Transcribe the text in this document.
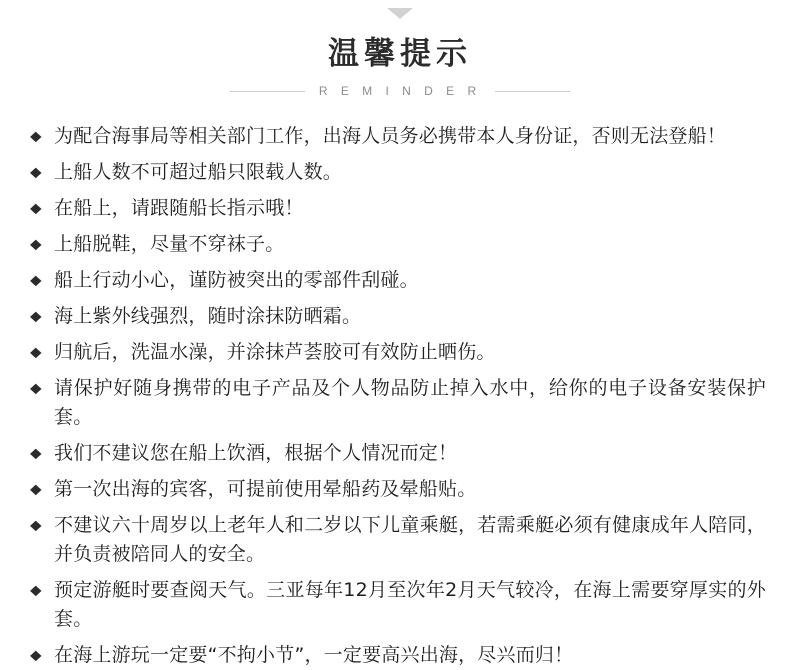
温馨提示
R E M I N D E R
◆ 为配合海事局等相关部门工作，出海人员务必携带本人身份证，否则无法登船！
◆ 上船人数不可超过船只限载人数。
◆ 在船上，请跟随船长指示哦！
◆ 上船脱鞋，尽量不穿袜子。
◆ 船上行动小心，谨防被突出的零部件刮碰。
◆ 海上紫外线强烈，随时涂抹防晒霜。
◆ 归航后，洗温水澡，并涂抹芦荟胶可有效防止晒伤。
◆ 请保护好随身携带的电子产品及个人物品防止掉入水中，给你的电子设备安装保护套。
◆ 我们不建议您在船上饮酒，根据个人情况而定！
◆ 第一次出海的宾客，可提前使用晕船药及晕船贴。
◆ 不建议六十周岁以上老年人和二岁以下儿童乘艇，若需乘艇必须有健康成年人陪同，并负责被陪同人的安全。
◆ 预定游艇时要查阅天气。三亚每年12月至次年2月天气较冷，在海上需要穿厚实的外套。
◆ 在海上游玩一定要“不拘小节”，一定要高兴出海，尽兴而归！
